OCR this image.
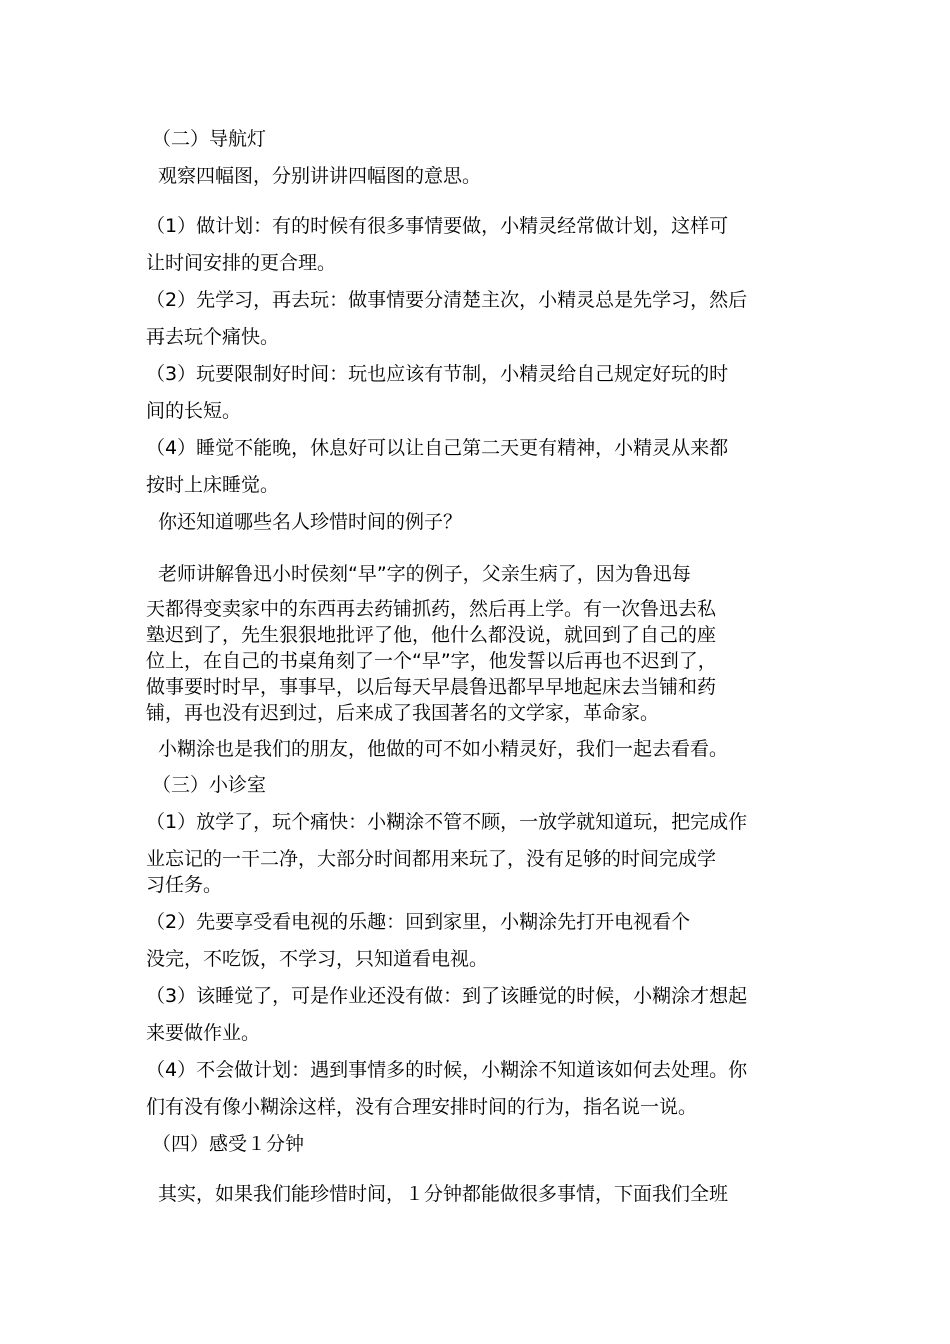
（二）导航灯
观察四幅图，分别讲讲四幅图的意思。
（1）做计划：有的时候有很多事情要做，小精灵经常做计划，这样可
让时间安排的更合理。
（2）先学习，再去玩：做事情要分清楚主次，小精灵总是先学习，然后
再去玩个痛快。
（3）玩要限制好时间：玩也应该有节制，小精灵给自己规定好玩的时
间的长短。
（4）睡觉不能晚，休息好可以让自己第二天更有精神，小精灵从来都
按时上床睡觉。
你还知道哪些名人珍惜时间的例子？
老师讲解鲁迅小时侯刻“早”字的例子，父亲生病了，因为鲁迅每
天都得变卖家中的东西再去药铺抓药，然后再上学。有一次鲁迅去私
塾迟到了，先生狠狠地批评了他，他什么都没说，就回到了自己的座
位上，在自己的书桌角刻了一个“早”字，他发誓以后再也不迟到了，
做事要时时早，事事早，以后每天早晨鲁迅都早早地起床去当铺和药
铺，再也没有迟到过，后来成了我国著名的文学家，革命家。
小糊涂也是我们的朋友，他做的可不如小精灵好，我们一起去看看。
（三）小诊室
（1）放学了，玩个痛快：小糊涂不管不顾，一放学就知道玩，把完成作
业忘记的一干二净，大部分时间都用来玩了，没有足够的时间完成学
习任务。
（2）先要享受看电视的乐趣：回到家里，小糊涂先打开电视看个
没完，不吃饭，不学习，只知道看电视。
（3）该睡觉了，可是作业还没有做：到了该睡觉的时候，小糊涂才想起
来要做作业。
（4）不会做计划：遇到事情多的时候，小糊涂不知道该如何去处理。你
们有没有像小糊涂这样，没有合理安排时间的行为，指名说一说。
（四）感受１分钟
其实，如果我们能珍惜时间，１分钟都能做很多事情，下面我们全班
